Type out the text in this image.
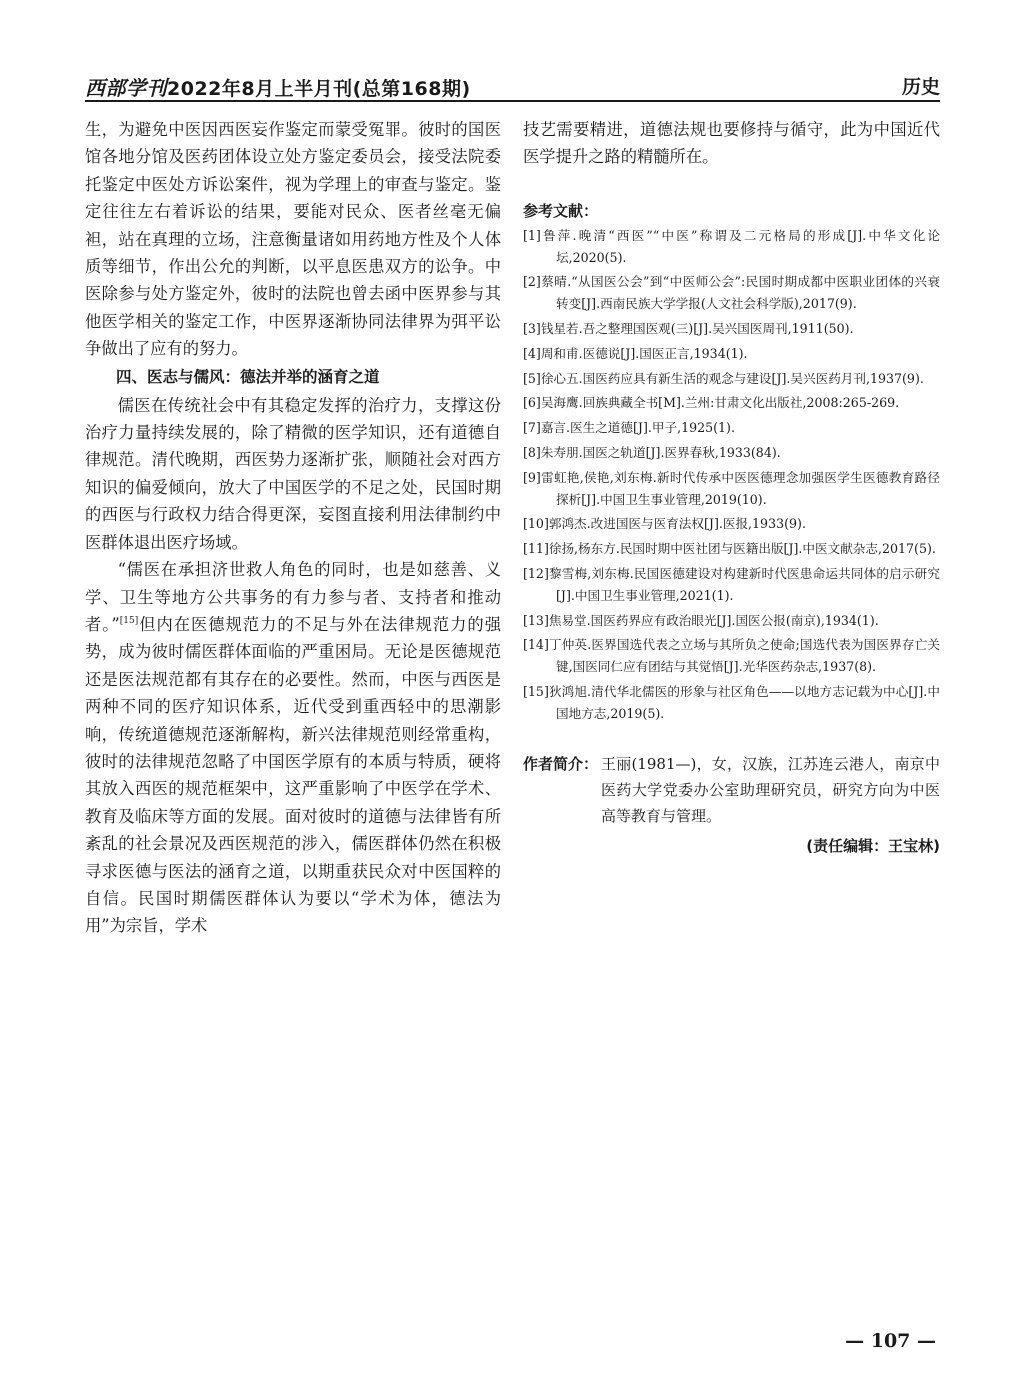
西部学刊2022年8月上半月刊(总第168期)	历史

生，为避免中医因西医妄作鉴定而蒙受冤罪。彼时的国医馆各地分馆及医药团体设立处方鉴定委员会，接受法院委托鉴定中医处方诉讼案件，视为学理上的审查与鉴定。鉴定往往左右着诉讼的结果，要能对民众、医者丝毫无偏袒，站在真理的立场，注意衡量诸如用药地方性及个人体质等细节，作出公允的判断，以平息医患双方的讼争。中医除参与处方鉴定外，彼时的法院也曾去函中医界参与其他医学相关的鉴定工作，中医界逐渐协同法律界为弭平讼争做出了应有的努力。

四、医志与儒风：德法并举的涵育之道

儒医在传统社会中有其稳定发挥的治疗力，支撑这份治疗力量持续发展的，除了精微的医学知识，还有道德自律规范。清代晚期，西医势力逐渐扩张，顺随社会对西方知识的偏爱倾向，放大了中国医学的不足之处，民国时期的西医与行政权力结合得更深，妄图直接利用法律制约中医群体退出医疗场域。

“儒医在承担济世救人角色的同时，也是如慈善、义学、卫生等地方公共事务的有力参与者、支持者和推动者。”[15]但内在医德规范力的不足与外在法律规范力的强势，成为彼时儒医群体面临的严重困局。无论是医德规范还是医法规范都有其存在的必要性。然而，中医与西医是两种不同的医疗知识体系，近代受到重西轻中的思潮影响，传统道德规范逐渐解构，新兴法律规范则经常重构，彼时的法律规范忽略了中国医学原有的本质与特质，硬将其放入西医的规范框架中，这严重影响了中医学在学术、教育及临床等方面的发展。面对彼时的道德与法律皆有所紊乱的社会景况及西医规范的涉入，儒医群体仍然在积极寻求医德与医法的涵育之道，以期重获民众对中医国粹的自信。民国时期儒医群体认为要以“学术为体，德法为用”为宗旨，学术

技艺需要精进，道德法规也要修持与循守，此为中国近代医学提升之路的精髓所在。

参考文献：

[1]鲁萍.晚清“西医”“中医”称谓及二元格局的形成[J].中华文化论坛,2020(5).
[2]蔡晴.“从国医公会”到“中医师公会”:民国时期成都中医职业团体的兴衰转变[J].西南民族大学学报(人文社会科学版),2017(9).
[3]钱星若.吾之整理国医观(三)[J].吴兴国医周刊,1911(50).
[4]周和甫.医德说[J].国医正言,1934(1).
[5]徐心五.国医药应具有新生活的观念与建设[J].吴兴医药月刊,1937(9).
[6]吴海鹰.回族典藏全书[M].兰州:甘肃文化出版社,2008:265-269.
[7]嘉言.医生之道德[J].甲子,1925(1).
[8]朱寿朋.国医之轨道[J].医界春秋,1933(84).
[9]雷虹艳,侯艳,刘东梅.新时代传承中医医德理念加强医学生医德教育路径探析[J].中国卫生事业管理,2019(10).
[10]郭鸿杰.改进国医与医育法权[J].医报,1933(9).
[11]徐扬,杨东方.民国时期中医社团与医籍出版[J].中医文献杂志,2017(5).
[12]黎雪梅,刘东梅.民国医德建设对构建新时代医患命运共同体的启示研究[J].中国卫生事业管理,2021(1).
[13]焦易堂.国医药界应有政治眼光[J].国医公报(南京),1934(1).
[14]丁仲英.医界国选代表之立场与其所负之使命;国选代表为国医界存亡关键,国医同仁应有团结与其觉悟[J].光华医药杂志,1937(8).
[15]狄鸿旭.清代华北儒医的形象与社区角色——以地方志记载为中心[J].中国地方志,2019(5).
作者简介： 王丽(1981—)，女，汉族，江苏连云港人，南京中医药大学党委办公室助理研究员，研究方向为中医高等教育与管理。
(责任编辑：王宝林)
— 107 —
